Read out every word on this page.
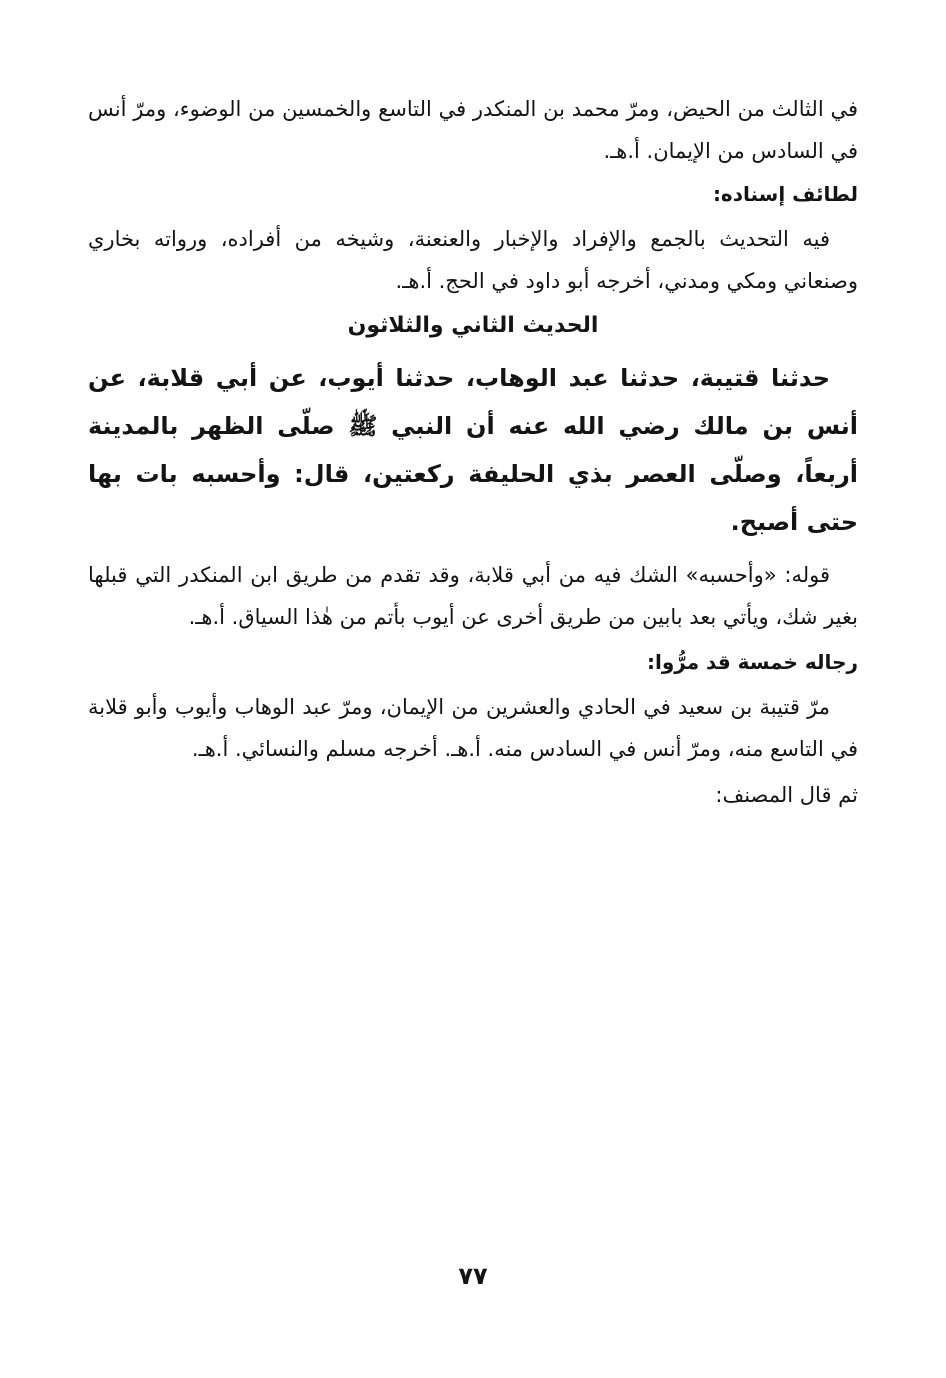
في الثالث من الحيض، ومرّ محمد بن المنكدر في التاسع والخمسين من الوضوء، ومرّ أنس في السادس من الإيمان. أ.هـ.

لطائف إسناده:

فيه التحديث بالجمع والإفراد والإخبار والعنعنة، وشيخه من أفراده، ورواته بخاري وصنعاني ومكي ومدني، أخرجه أبو داود في الحج. أ.هـ.

الحديث الثاني والثلاثون

حدثنا قتيبة، حدثنا عبد الوهاب، حدثنا أيوب، عن أبي قلابة، عن أنس بن مالك رضي الله عنه أن النبي ﷺ صلّى الظهر بالمدينة أربعاً، وصلّى العصر بذي الحليفة ركعتين، قال: وأحسبه بات بها حتى أصبح.

قوله: «وأحسبه» الشك فيه من أبي قلابة، وقد تقدم من طريق ابن المنكدر التي قبلها بغير شك، ويأتي بعد بابين من طريق أخرى عن أيوب بأتم من هٰذا السياق. أ.هـ.

رجاله خمسة قد مرُّوا:

مرّ قتيبة بن سعيد في الحادي والعشرين من الإيمان، ومرّ عبد الوهاب وأيوب وأبو قلابة في التاسع منه، ومرّ أنس في السادس منه. أ.هـ. أخرجه مسلم والنسائي. أ.هـ.

ثم قال المصنف:

٧٧
